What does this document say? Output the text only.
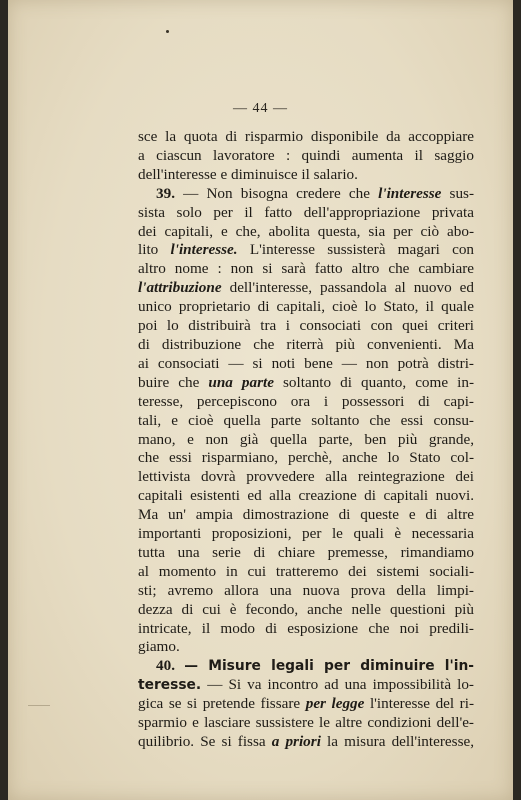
— 44 —
sce la quota di risparmio disponibile da accoppiare
a ciascun lavoratore : quindi aumenta il saggio
dell'interesse e diminuisce il salario.
39. — Non bisogna credere che l'interesse sus-
sista solo per il fatto dell'appropriazione privata
dei capitali, e che, abolita questa, sia per ciò abo-
lito l'interesse. L'interesse sussisterà magari con
altro nome : non si sarà fatto altro che cambiare
l'attribuzione dell'interesse, passandola al nuovo ed
unico proprietario di capitali, cioè lo Stato, il quale
poi lo distribuirà tra i consociati con quei criteri
di distribuzione che riterrà più convenienti. Ma
ai consociati — si noti bene — non potrà distri-
buire che una parte soltanto di quanto, come in-
teresse, percepiscono ora i possessori di capi-
tali, e cioè quella parte soltanto che essi consu-
mano, e non già quella parte, ben più grande,
che essi risparmiano, perchè, anche lo Stato col-
lettivista dovrà provvedere alla reintegrazione dei
capitali esistenti ed alla creazione di capitali nuovi.
Ma un' ampia dimostrazione di queste e di altre
importanti proposizioni, per le quali è necessaria
tutta una serie di chiare premesse, rimandiamo
al momento in cui tratteremo dei sistemi sociali-
sti; avremo allora una nuova prova della limpi-
dezza di cui è fecondo, anche nelle questioni più
intricate, il modo di esposizione che noi predili-
giamo.
40. — Misure legali per diminuire l'in-
teresse. — Si va incontro ad una impossibilità lo-
gica se si pretende fissare per legge l'interesse del ri-
sparmio e lasciare sussistere le altre condizioni dell'e-
quilibrio. Se si fissa a priori la misura dell'interesse,
